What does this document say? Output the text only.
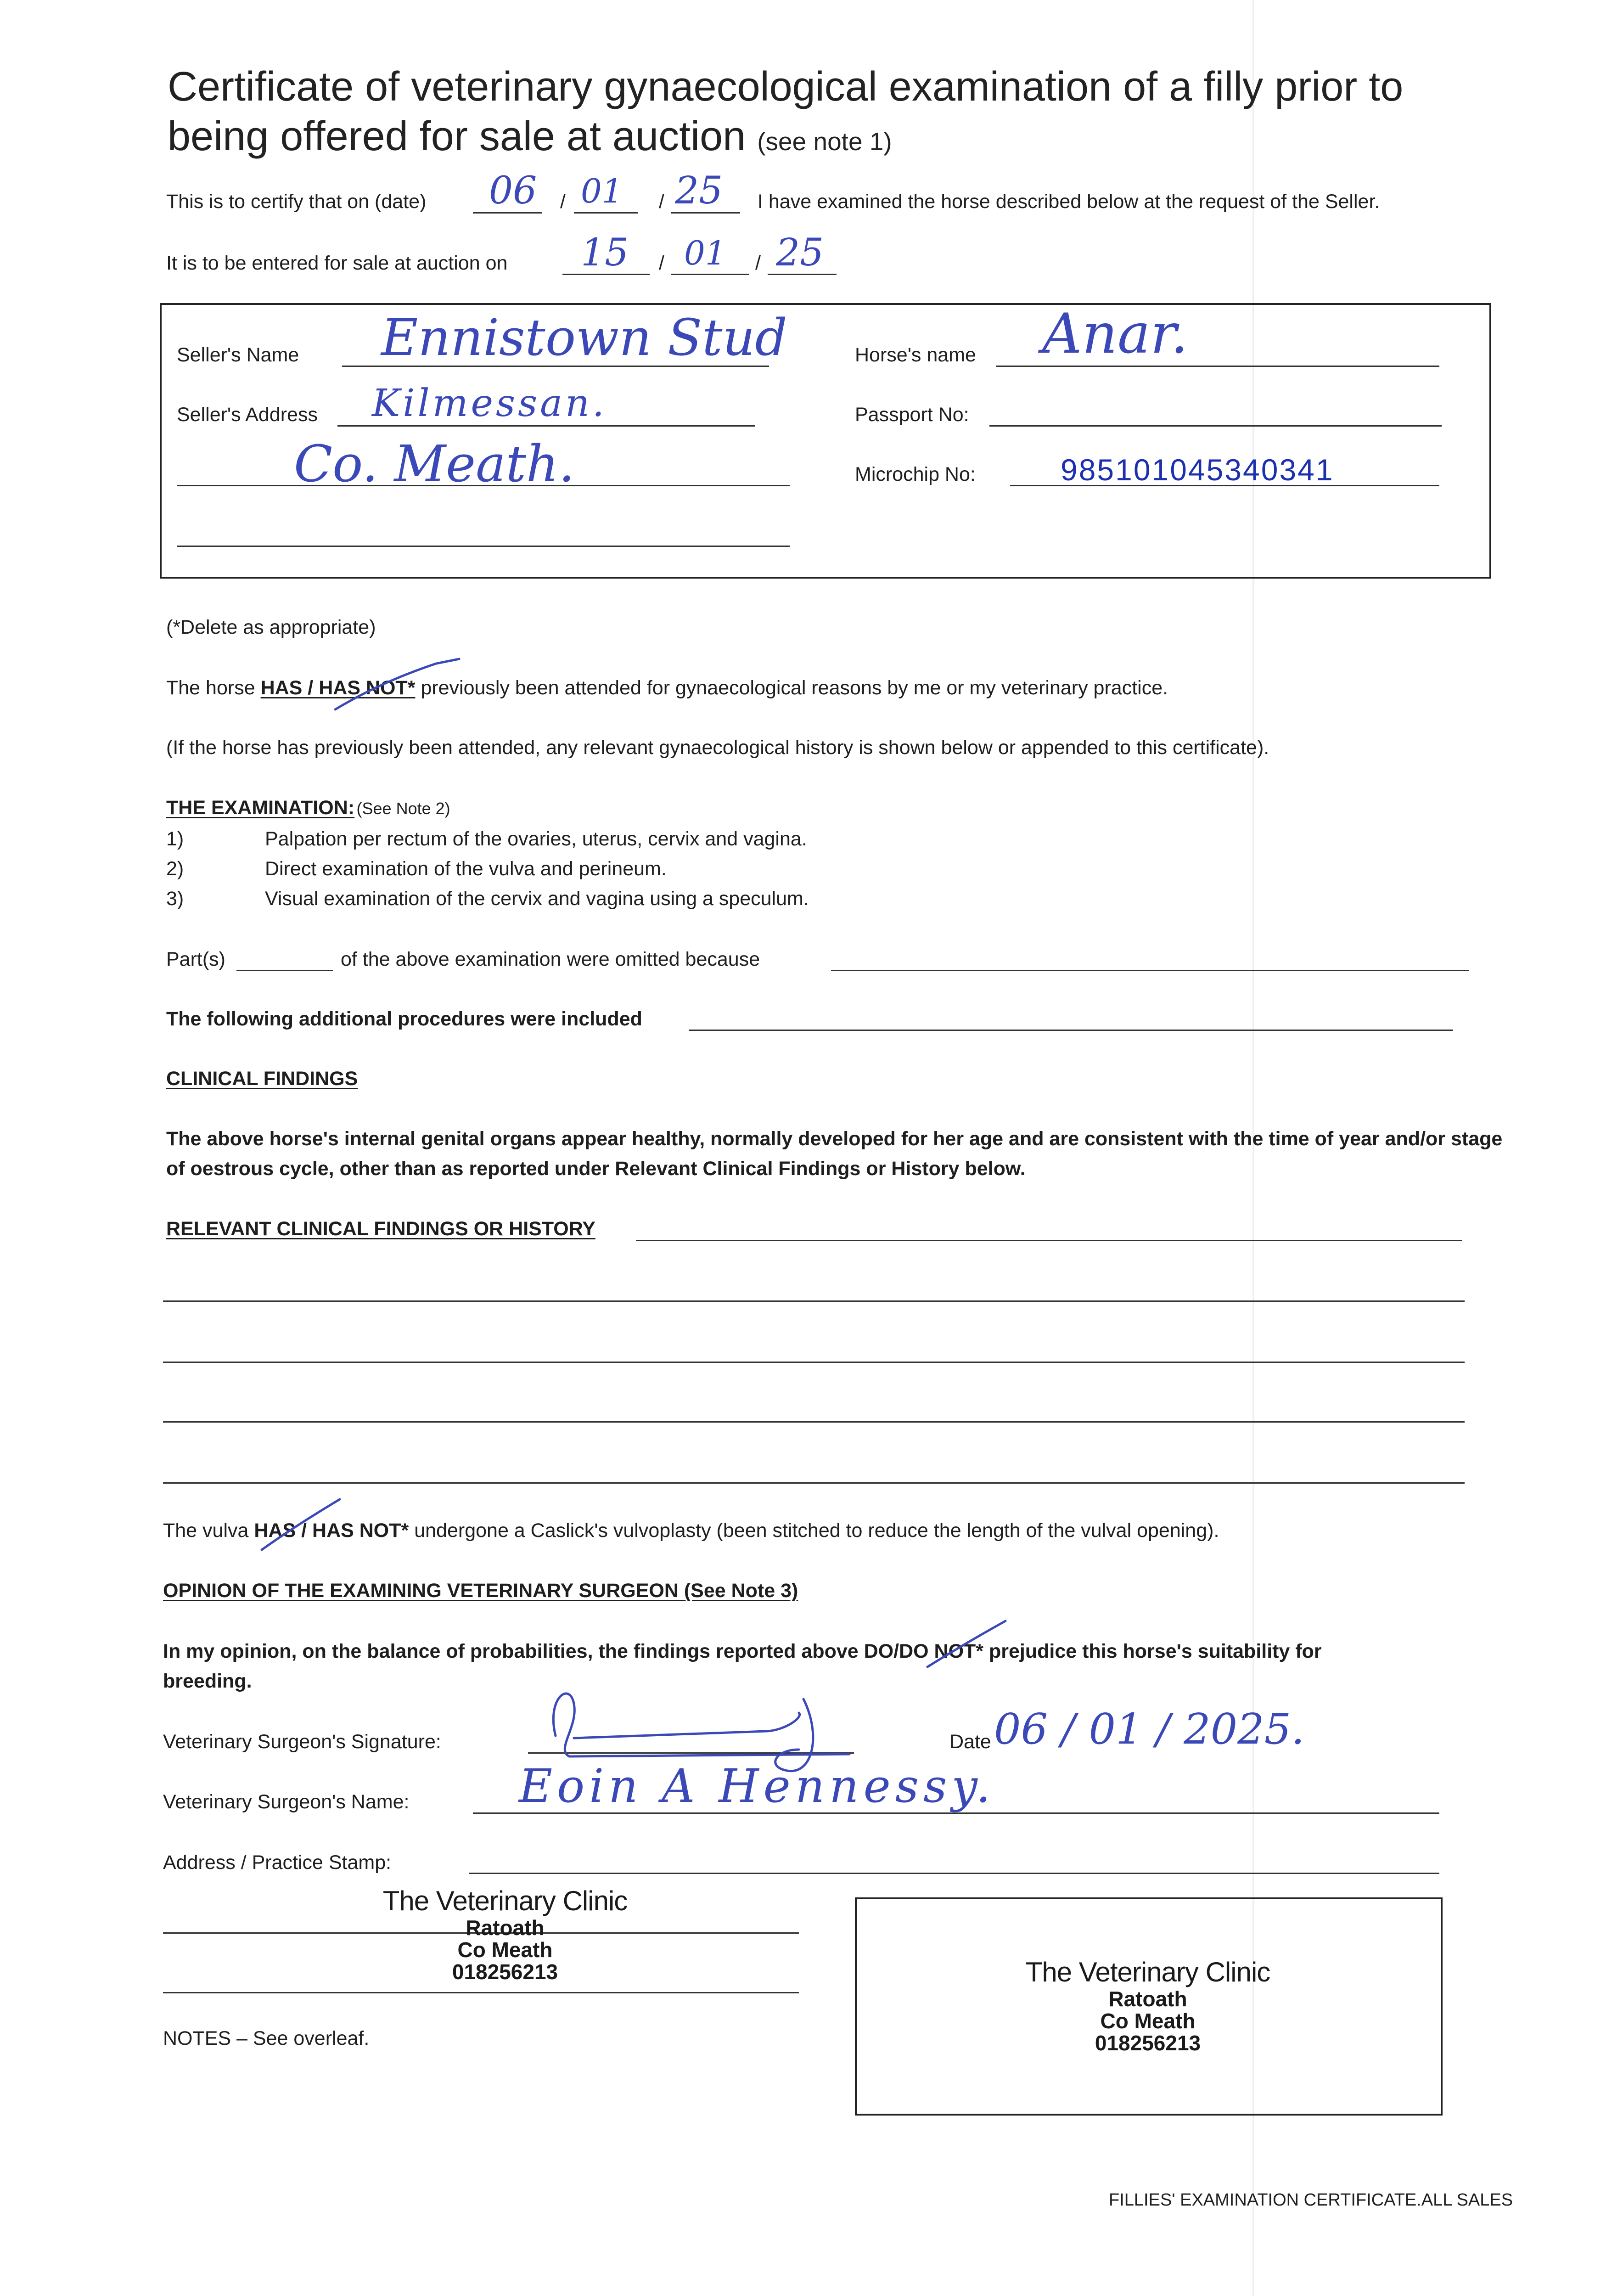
Certificate of veterinary gynaecological examination of a filly prior to being offered for sale at auction (see note 1)
This is to certify that on (date) 06 / 01 / 25 I have examined the horse described below at the request of the Seller.
It is to be entered for sale at auction on 15 / 01 / 25
Seller's Name Ennistown Stud
Seller's Address Kilmessan.
Co. Meath.
Horse's name Anar.
Passport No:
Microchip No:	985101045340341
(*Delete as appropriate)
The horse HAS / HAS NOT* previously been attended for gynaecological reasons by me or my veterinary practice.
(If the horse has previously been attended, any relevant gynaecological history is shown below or appended to this certificate).
THE EXAMINATION: (See Note 2)
1)	Palpation per rectum of the ovaries, uterus, cervix and vagina.
2)	Direct examination of the vulva and perineum.
3)	Visual examination of the cervix and vagina using a speculum.
Part(s)	of the above examination were omitted because
The following additional procedures were included
CLINICAL FINDINGS
The above horse's internal genital organs appear healthy, normally developed for her age and are consistent with the time of year and/or stage of oestrous cycle, other than as reported under Relevant Clinical Findings or History below.
RELEVANT CLINICAL FINDINGS OR HISTORY
The vulva HAS / HAS NOT* undergone a Caslick's vulvoplasty (been stitched to reduce the length of the vulval opening).
OPINION OF THE EXAMINING VETERINARY SURGEON (See Note 3)
In my opinion, on the balance of probabilities, the findings reported above DO/DO NOT* prejudice this horse's suitability for
breeding.
Veterinary Surgeon's Signature:	Date 06 / 01 / 2025.
Veterinary Surgeon's Name: Eoin A Hennessy.
Address / Practice Stamp:
The Veterinary Clinic
Ratoath
Co Meath
018256213
NOTES – See overleaf.
The Veterinary Clinic
Ratoath
Co Meath
018256213
FILLIES' EXAMINATION CERTIFICATE.ALL SALES
